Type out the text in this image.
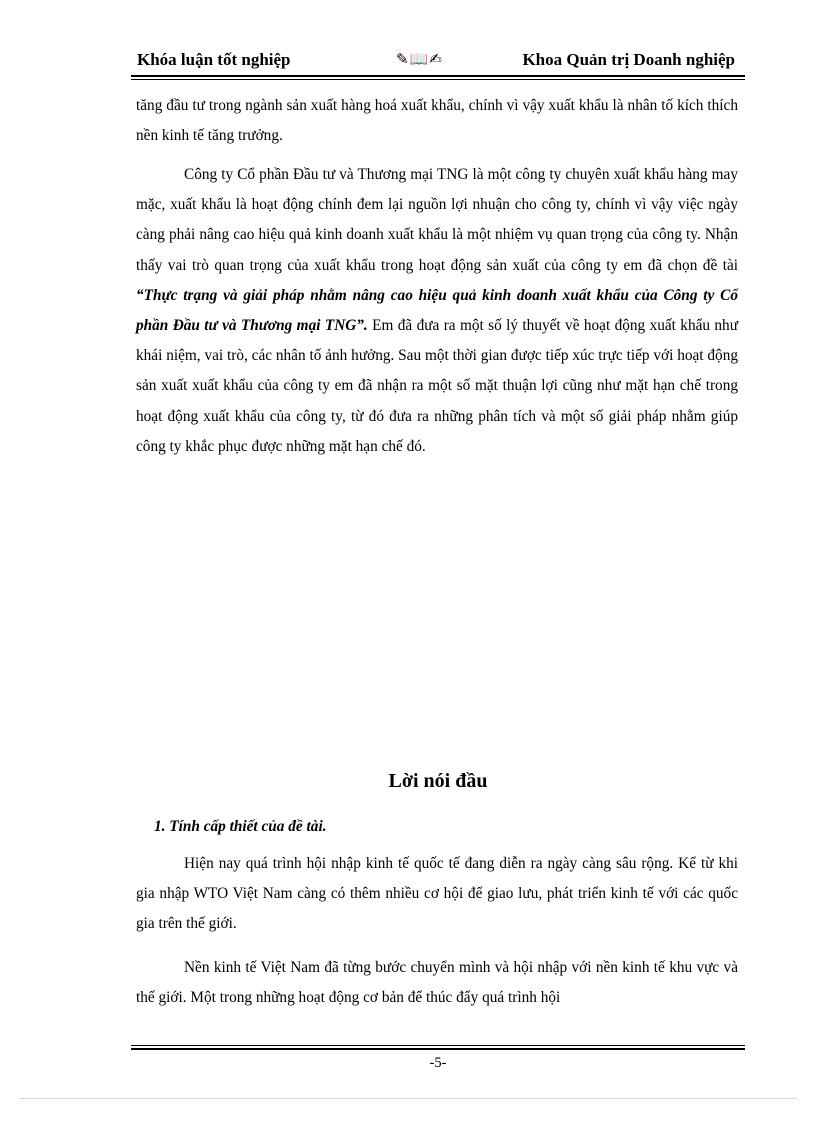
Khóa luận tốt nghiệp	✎📖✍	Khoa Quản trị Doanh nghiệp

tăng đầu tư trong ngành sản xuất hàng hoá xuất khẩu, chính vì vậy xuất khẩu là nhân tố kích thích nền kinh tế tăng trưởng.

Công ty Cổ phần Đầu tư và Thương mại TNG là một công ty chuyên xuất khẩu hàng may mặc, xuất khẩu là hoạt động chính đem lại nguồn lợi nhuận cho công ty, chính vì vậy việc ngày càng phải nâng cao hiệu quả kinh doanh xuất khẩu là một nhiệm vụ quan trọng của công ty. Nhận thấy vai trò quan trọng của xuất khẩu trong hoạt động sản xuất của công ty em đã chọn đề tài “Thực trạng và giải pháp nhằm nâng cao hiệu quả kinh doanh xuất khẩu của Công ty Cổ phần Đầu tư và Thương mại TNG”. Em đã đưa ra một số lý thuyết về hoạt động xuất khẩu như khái niệm, vai trò, các nhân tố ảnh hưởng. Sau một thời gian được tiếp xúc trực tiếp với hoạt động sản xuất xuất khẩu của công ty em đã nhận ra một số mặt thuận lợi cũng như mặt hạn chế trong hoạt động xuất khẩu của công ty, từ đó đưa ra những phân tích và một số giải pháp nhằm giúp công ty khắc phục được những mặt hạn chế đó.

Lời nói đầu
1. Tính cấp thiết của đề tài.

Hiện nay quá trình hội nhập kinh tế quốc tế đang diễn ra ngày càng sâu rộng. Kể từ khi gia nhập WTO Việt Nam càng có thêm nhiều cơ hội để giao lưu, phát triển kinh tế với các quốc gia trên thế giới.

Nền kinh tế Việt Nam đã từng bước chuyển mình và hội nhập với nền kinh tế khu vực và thế giới. Một trong những hoạt động cơ bản để thúc đẩy quá trình hội

-5-
